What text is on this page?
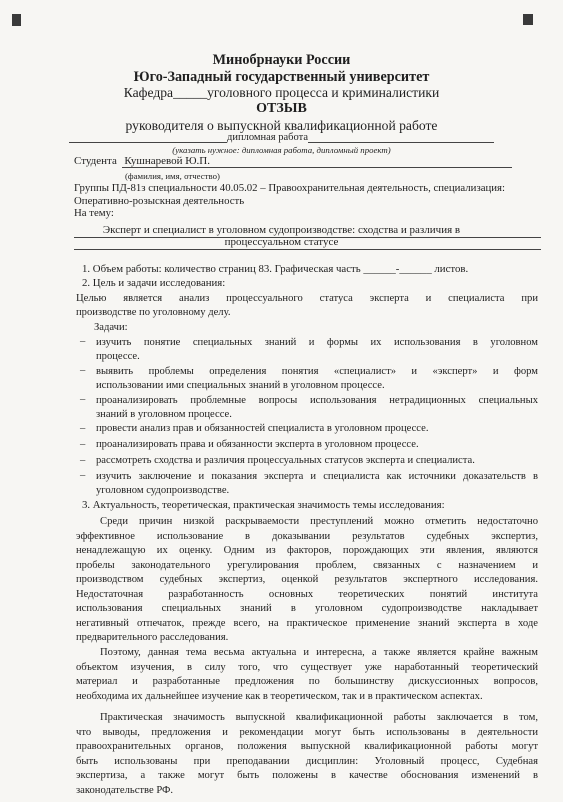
Минобрнауки России
Юго-Западный государственный университет
Кафедра_____уголовного процесса и криминалистики
ОТЗЫВ
руководителя о выпускной квалификационной работе
дипломная работа
(указать нужное: дипломная работа, дипломный проект)
Студента Кушнаревой Ю.П.
(фамилия, имя, отчество)
Группы ПД-81з специальности 40.05.02 – Правоохранительная деятельность, специализация:
Оперативно-розыскная деятельность
На тему:
Эксперт и специалист в уголовном судопроизводстве: сходства и различия в
процессуальном статусе
1. Объем работы: количество страниц 83. Графическая часть ______-______ листов.
2. Цель и задачи исследования:
Целью является анализ процессуального статуса эксперта и специалиста при
производстве по уголовному делу.
Задачи:
– изучить понятие специальных знаний и формы их использования в уголовном
процессе.
– выявить проблемы определения понятия «специалист» и «эксперт» и форм
использовании ими специальных знаний в уголовном процессе.
– проанализировать проблемные вопросы использования нетрадиционных специальных
знаний в уголовном процессе.
– провести анализ прав и обязанностей специалиста в уголовном процессе.
– проанализировать права и обязанности эксперта в уголовном процессе.
– рассмотреть сходства и различия процессуальных статусов эксперта и специалиста.
– изучить заключение и показания эксперта и специалиста как источники доказательств в
уголовном судопроизводстве.
3. Актуальность, теоретическая, практическая значимость темы исследования:
Среди причин низкой раскрываемости преступлений можно отметить недостаточно
эффективное использование в доказывании результатов судебных экспертиз,
ненадлежащую их оценку. Одним из факторов, порождающих эти явления, являются
пробелы законодательного урегулирования проблем, связанных с назначением и
производством судебных экспертиз, оценкой результатов экспертного исследования.
Недостаточная разработанность основных теоретических понятий института
использования специальных знаний в уголовном судопроизводстве накладывает
негативный отпечаток, прежде всего, на практическое применение знаний эксперта в ходе
предварительного расследования.
Поэтому, данная тема весьма актуальна и интересна, а также является крайне важным
объектом изучения, в силу того, что существует уже наработанный теоретический
материал и разработанные предложения по большинству дискуссионных вопросов,
необходима их дальнейшее изучение как в теоретическом, так и в практическом аспектах.
Практическая значимость выпускной квалификационной работы заключается в том,
что выводы, предложения и рекомендации могут быть использованы в деятельности
правоохранительных органов, положения выпускной квалификационной работы могут
быть использованы при преподавании дисциплин: Уголовный процесс, Судебная
экспертиза, а также могут быть положены в качестве обоснования изменений в
законодательстве РФ.
